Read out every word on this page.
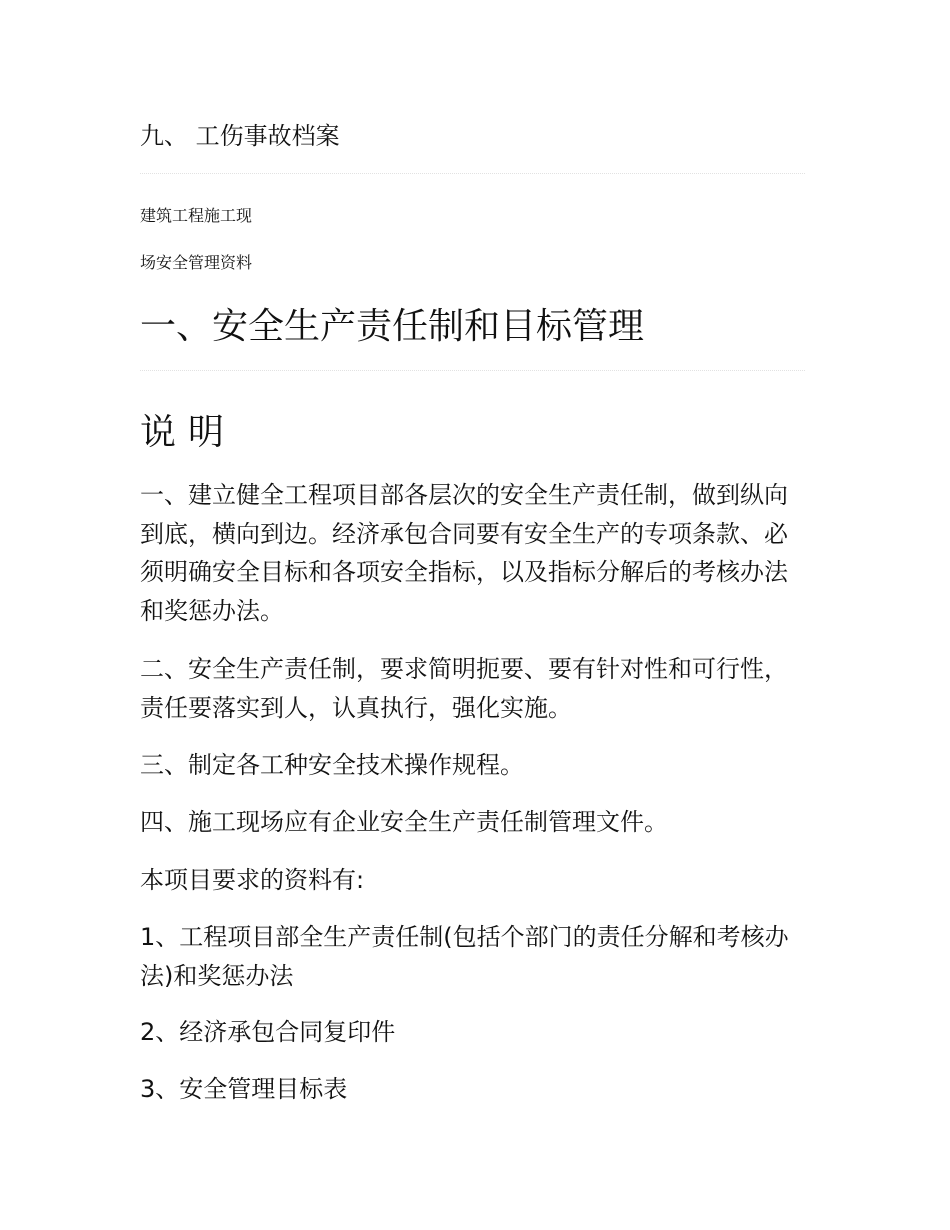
九、 工伤事故档案
建筑工程施工现
场安全管理资料
一、安全生产责任制和目标管理
说明

一、建立健全工程项目部各层次的安全生产责任制，做到纵向到底，横向到边。经济承包合同要有安全生产的专项条款、必须明确安全目标和各项安全指标，以及指标分解后的考核办法和奖惩办法。

二、安全生产责任制，要求简明扼要、要有针对性和可行性，责任要落实到人，认真执行，强化实施。

三、制定各工种安全技术操作规程。

四、施工现场应有企业安全生产责任制管理文件。

本项目要求的资料有:

1、工程项目部全生产责任制(包括个部门的责任分解和考核办法)和奖惩办法

2、经济承包合同复印件

3、安全管理目标表
